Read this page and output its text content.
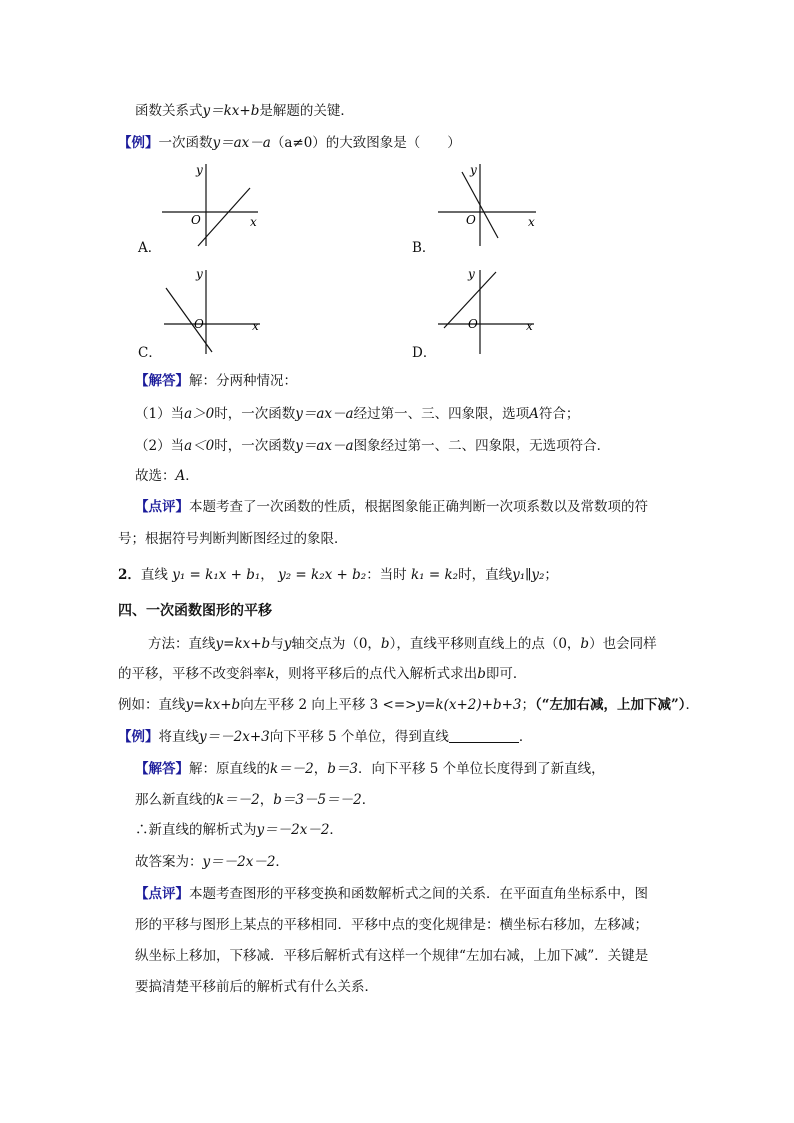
函数关系式y＝kx+b是解题的关键．
【例】一次函数y＝ax－a（a≠0）的大致图象是（　　）
y
x
O
A．
y
x
O
B．
y
x
O
C．
y
x
O
D．
【解答】解：分两种情况：
（1）当a＞0时，一次函数y＝ax－a经过第一、三、四象限，选项A符合；
（2）当a＜0时，一次函数y＝ax－a图象经过第一、二、四象限，无选项符合．
故选：A．
【点评】本题考查了一次函数的性质，根据图象能正确判断一次项系数以及常数项的符
号；根据符号判断判断图经过的象限．
2．直线 y₁ = k₁x + b₁， y₂ = k₂x + b₂：当时 k₁ = k₂时，直线y₁∥y₂；
四、一次函数图形的平移
方法：直线y=kx+b与y轴交点为（0，b），直线平移则直线上的点（0，b）也会同样
的平移，平移不改变斜率k，则将平移后的点代入解析式求出b即可．
例如：直线y=kx+b向左平移 2 向上平移 3 <=>y=k(x+2)+b+3；（“左加右减，上加下减”）．
【例】将直线y＝－2x+3向下平移 5 个单位，得到直线	．
【解答】解：原直线的k＝－2，b＝3．向下平移 5 个单位长度得到了新直线，
那么新直线的k＝－2，b＝3－5＝－2．
∴新直线的解析式为y＝－2x－2．
故答案为：y＝－2x－2．
【点评】本题考查图形的平移变换和函数解析式之间的关系．在平面直角坐标系中，图
形的平移与图形上某点的平移相同．平移中点的变化规律是：横坐标右移加，左移减；
纵坐标上移加，下移减．平移后解析式有这样一个规律“左加右减，上加下减”．关键是
要搞清楚平移前后的解析式有什么关系．
